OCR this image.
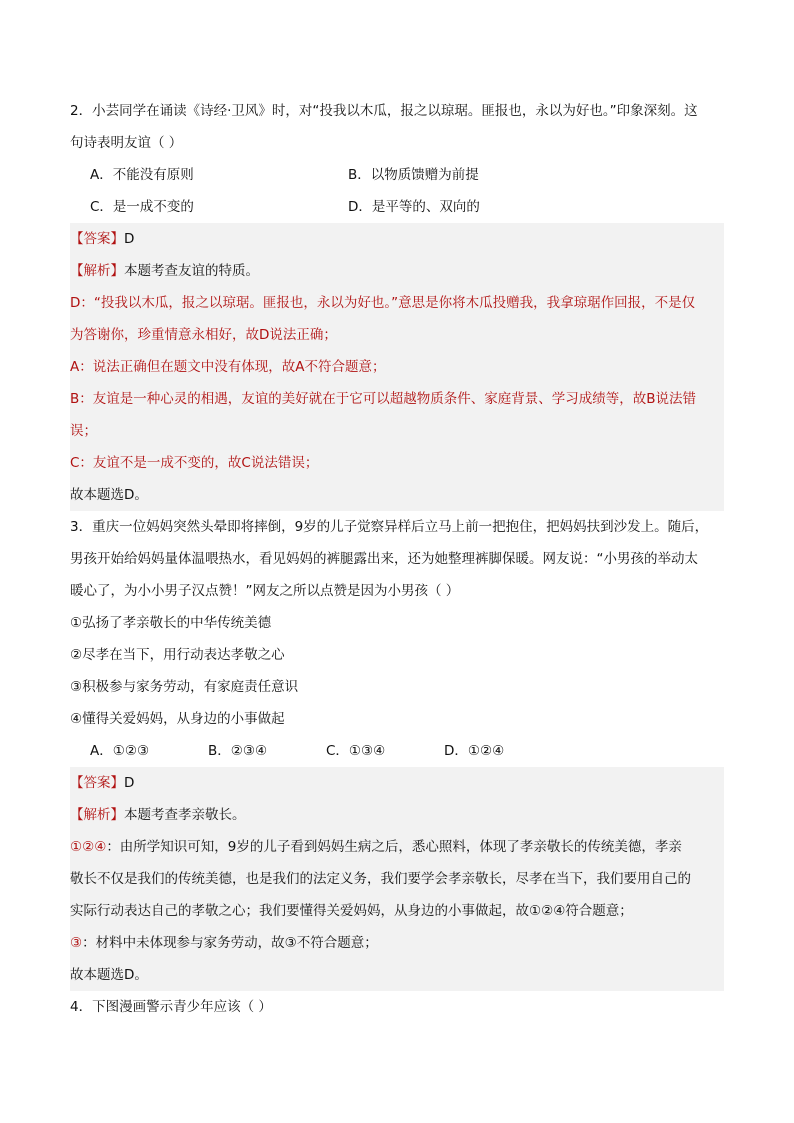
2．小芸同学在诵读《诗经·卫风》时，对“投我以木瓜，报之以琼琚。匪报也，永以为好也。”印象深刻。这
句诗表明友谊（ ）
A．不能没有原则	B．以物质馈赠为前提
C．是一成不变的	D．是平等的、双向的
【答案】D
【解析】本题考查友谊的特质。
D：“投我以木瓜，报之以琼琚。匪报也，永以为好也。”意思是你将木瓜投赠我，我拿琼琚作回报，不是仅
为答谢你，珍重情意永相好，故D说法正确；
A：说法正确但在题文中没有体现，故A不符合题意；
B：友谊是一种心灵的相遇，友谊的美好就在于它可以超越物质条件、家庭背景、学习成绩等，故B说法错
误；
C：友谊不是一成不变的，故C说法错误；
故本题选D。
3．重庆一位妈妈突然头晕即将摔倒，9岁的儿子觉察异样后立马上前一把抱住，把妈妈扶到沙发上。随后，
男孩开始给妈妈量体温喂热水，看见妈妈的裤腿露出来，还为她整理裤脚保暖。网友说：“小男孩的举动太
暖心了，为小小男子汉点赞！”网友之所以点赞是因为小男孩（ ）
①弘扬了孝亲敬长的中华传统美德
②尽孝在当下，用行动表达孝敬之心
③积极参与家务劳动，有家庭责任意识
④懂得关爱妈妈，从身边的小事做起
A．①②③	B．②③④	C．①③④	D．①②④
【答案】D
【解析】本题考查孝亲敬长。
①②④：由所学知识可知，9岁的儿子看到妈妈生病之后，悉心照料，体现了孝亲敬长的传统美德，孝亲
敬长不仅是我们的传统美德，也是我们的法定义务，我们要学会孝亲敬长，尽孝在当下，我们要用自己的
实际行动表达自己的孝敬之心；我们要懂得关爱妈妈，从身边的小事做起，故①②④符合题意；
③：材料中未体现参与家务劳动，故③不符合题意；
故本题选D。
4．下图漫画警示青少年应该（ ）
